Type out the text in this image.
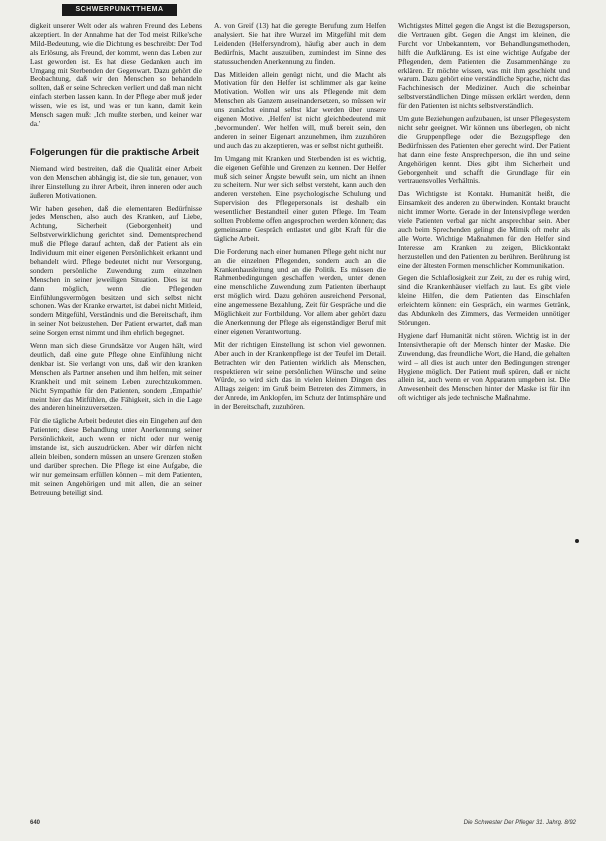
SCHWERPUNKTTHEMA

digkeit unserer Welt oder als wahren Freund des Lebens akzeptiert. In der Annahme hat der Tod meist Rilke'sche Mild-Bedeutung, wie die Dichtung es beschreibt: Der Tod als Erlösung, als Freund, der kommt, wenn das Leben zur Last geworden ist. Es hat diese Gedanken auch im Umgang mit Sterbenden der Gegenwart. Dazu gehört die Beobachtung, daß wir den Menschen so behandeln sollten, daß er seine Schrecken verliert und daß man nicht einfach sterben lassen kann. In der Pflege aber muß jeder wissen, wie es ist, und was er tun kann, damit kein Mensch sagen muß: ‚Ich mußte sterben, und keiner war da.'

Folgerungen für die praktische Arbeit

Niemand wird bestreiten, daß die Qualität einer Arbeit von den Menschen abhängig ist, die sie tun, genauer, von ihrer Einstellung zu ihrer Arbeit, ihren inneren oder auch äußeren Motivationen.

Wir haben gesehen, daß die elementaren Bedürfnisse jedes Menschen, also auch des Kranken, auf Liebe, Achtung, Sicherheit (Geborgenheit) und Selbstverwirklichung gerichtet sind. Dementsprechend muß die Pflege darauf achten, daß der Patient als ein Individuum mit einer eigenen Persönlichkeit erkannt und behandelt wird. Pflege bedeutet nicht nur Versorgung, sondern persönliche Zuwendung zum einzelnen Menschen in seiner jeweiligen Situation. Dies ist nur dann möglich, wenn die Pflegenden Einfühlungsvermögen besitzen und sich selbst nicht schonen. Was der Kranke erwartet, ist dabei nicht Mitleid, sondern Mitgefühl, Verständnis und die Bereitschaft, ihm in seiner Not beizustehen. Der Patient erwartet, daß man seine Sorgen ernst nimmt und ihm ehrlich begegnet.

Wenn man sich diese Grundsätze vor Augen hält, wird deutlich, daß eine gute Pflege ohne Einfühlung nicht denkbar ist. Sie verlangt von uns, daß wir den kranken Menschen als Partner ansehen und ihm helfen, mit seiner Krankheit und mit seinem Leben zurechtzukommen. Nicht Sympathie für den Patienten, sondern ‚Empathie' meint hier das Mitfühlen, die Fähigkeit, sich in die Lage des anderen hineinzuversetzen.

Für die tägliche Arbeit bedeutet dies ein Eingehen auf den Patienten; diese Behandlung unter Anerkennung seiner Persönlichkeit, auch wenn er nicht oder nur wenig imstande ist, sich auszudrücken. Aber wir dürfen nicht allein bleiben, sondern müssen an unsere Grenzen stoßen und darüber sprechen. Die Pflege ist eine Aufgabe, die wir nur gemeinsam erfüllen können – mit dem Patienten, mit seinen Angehörigen und mit allen, die an seiner Betreuung beteiligt sind.

A. von Greif (13) hat die geregte Berufung zum Helfen analysiert. Sie hat ihre Wurzel im Mitgefühl mit dem Leidenden (Helfersyndrom), häufig aber auch in dem Bedürfnis, Macht auszuüben, zumindest im Sinne des statussuchenden Anerkennung zu finden.

Das Mitleiden allein genügt nicht, und die Macht als Motivation für den Helfer ist schlimmer als gar keine Motivation. Wollen wir uns als Pflegende mit dem Menschen als Ganzem auseinandersetzen, so müssen wir uns zunächst einmal selbst klar werden über unsere eigenen Motive. ‚Helfen' ist nicht gleichbedeutend mit ‚bevormunden'. Wer helfen will, muß bereit sein, den anderen in seiner Eigenart anzunehmen, ihm zuzuhören und auch das zu akzeptieren, was er selbst nicht gutheißt.

Im Umgang mit Kranken und Sterbenden ist es wichtig, die eigenen Gefühle und Grenzen zu kennen. Der Helfer muß sich seiner Ängste bewußt sein, um nicht an ihnen zu scheitern. Nur wer sich selbst versteht, kann auch den anderen verstehen. Eine psychologische Schulung und Supervision des Pflegepersonals ist deshalb ein wesentlicher Bestandteil einer guten Pflege. Im Team sollten Probleme offen angesprochen werden können; das gemeinsame Gespräch entlastet und gibt Kraft für die tägliche Arbeit.

Die Forderung nach einer humanen Pflege geht nicht nur an die einzelnen Pflegenden, sondern auch an die Krankenhausleitung und an die Politik. Es müssen die Rahmenbedingungen geschaffen werden, unter denen eine menschliche Zuwendung zum Patienten überhaupt erst möglich wird. Dazu gehören ausreichend Personal, eine angemessene Bezahlung, Zeit für Gespräche und die Möglichkeit zur Fortbildung. Vor allem aber gehört dazu die Anerkennung der Pflege als eigenständiger Beruf mit einer eigenen Verantwortung.

Mit der richtigen Einstellung ist schon viel gewonnen. Aber auch in der Krankenpflege ist der Teufel im Detail. Betrachten wir den Patienten wirklich als Menschen, respektieren wir seine persönlichen Wünsche und seine Würde, so wird sich das in vielen kleinen Dingen des Alltags zeigen: im Gruß beim Betreten des Zimmers, in der Anrede, im Anklopfen, im Schutz der Intimsphäre und in der Bereitschaft, zuzuhören.

Wichtigstes Mittel gegen die Angst ist die Bezugsperson, die Vertrauen gibt. Gegen die Angst im kleinen, die Furcht vor Unbekanntem, vor Behandlungsmethoden, hilft die Aufklärung. Es ist eine wichtige Aufgabe der Pflegenden, dem Patienten die Zusammenhänge zu erklären. Er möchte wissen, was mit ihm geschieht und warum. Dazu gehört eine verständliche Sprache, nicht das Fachchinesisch der Mediziner. Auch die scheinbar selbstverständlichen Dinge müssen erklärt werden, denn für den Patienten ist nichts selbstverständlich.

Um gute Beziehungen aufzubauen, ist unser Pflegesystem nicht sehr geeignet. Wir können uns überlegen, ob nicht die Gruppenpflege oder die Bezugspflege den Bedürfnissen des Patienten eher gerecht wird. Der Patient hat dann eine feste Ansprechperson, die ihn und seine Angehörigen kennt. Dies gibt ihm Sicherheit und Geborgenheit und schafft die Grundlage für ein vertrauensvolles Verhältnis.

Das Wichtigste ist Kontakt. Humanität heißt, die Einsamkeit des anderen zu überwinden. Kontakt braucht nicht immer Worte. Gerade in der Intensivpflege werden viele Patienten verbal gar nicht ansprechbar sein. Aber auch beim Sprechenden gelingt die Mimik oft mehr als alle Worte. Wichtige Maßnahmen für den Helfer sind Interesse am Kranken zu zeigen, Blickkontakt herzustellen und den Patienten zu berühren. Berührung ist eine der ältesten Formen menschlicher Kommunikation.

Gegen die Schlaflosigkeit zur Zeit, zu der es ruhig wird, sind die Krankenhäuser vielfach zu laut. Es gibt viele kleine Hilfen, die dem Patienten das Einschlafen erleichtern können: ein Gespräch, ein warmes Getränk, das Abdunkeln des Zimmers, das Vermeiden unnötiger Störungen.

Hygiene darf Humanität nicht stören. Wichtig ist in der Intensivtherapie oft der Mensch hinter der Maske. Die Zuwendung, das freundliche Wort, die Hand, die gehalten wird – all dies ist auch unter den Bedingungen strenger Hygiene möglich. Der Patient muß spüren, daß er nicht allein ist, auch wenn er von Apparaten umgeben ist. Die Anwesenheit des Menschen hinter der Maske ist für ihn oft wichtiger als jede technische Maßnahme.

640	Die Schwester Der Pfleger 31. Jahrg. 8/92
